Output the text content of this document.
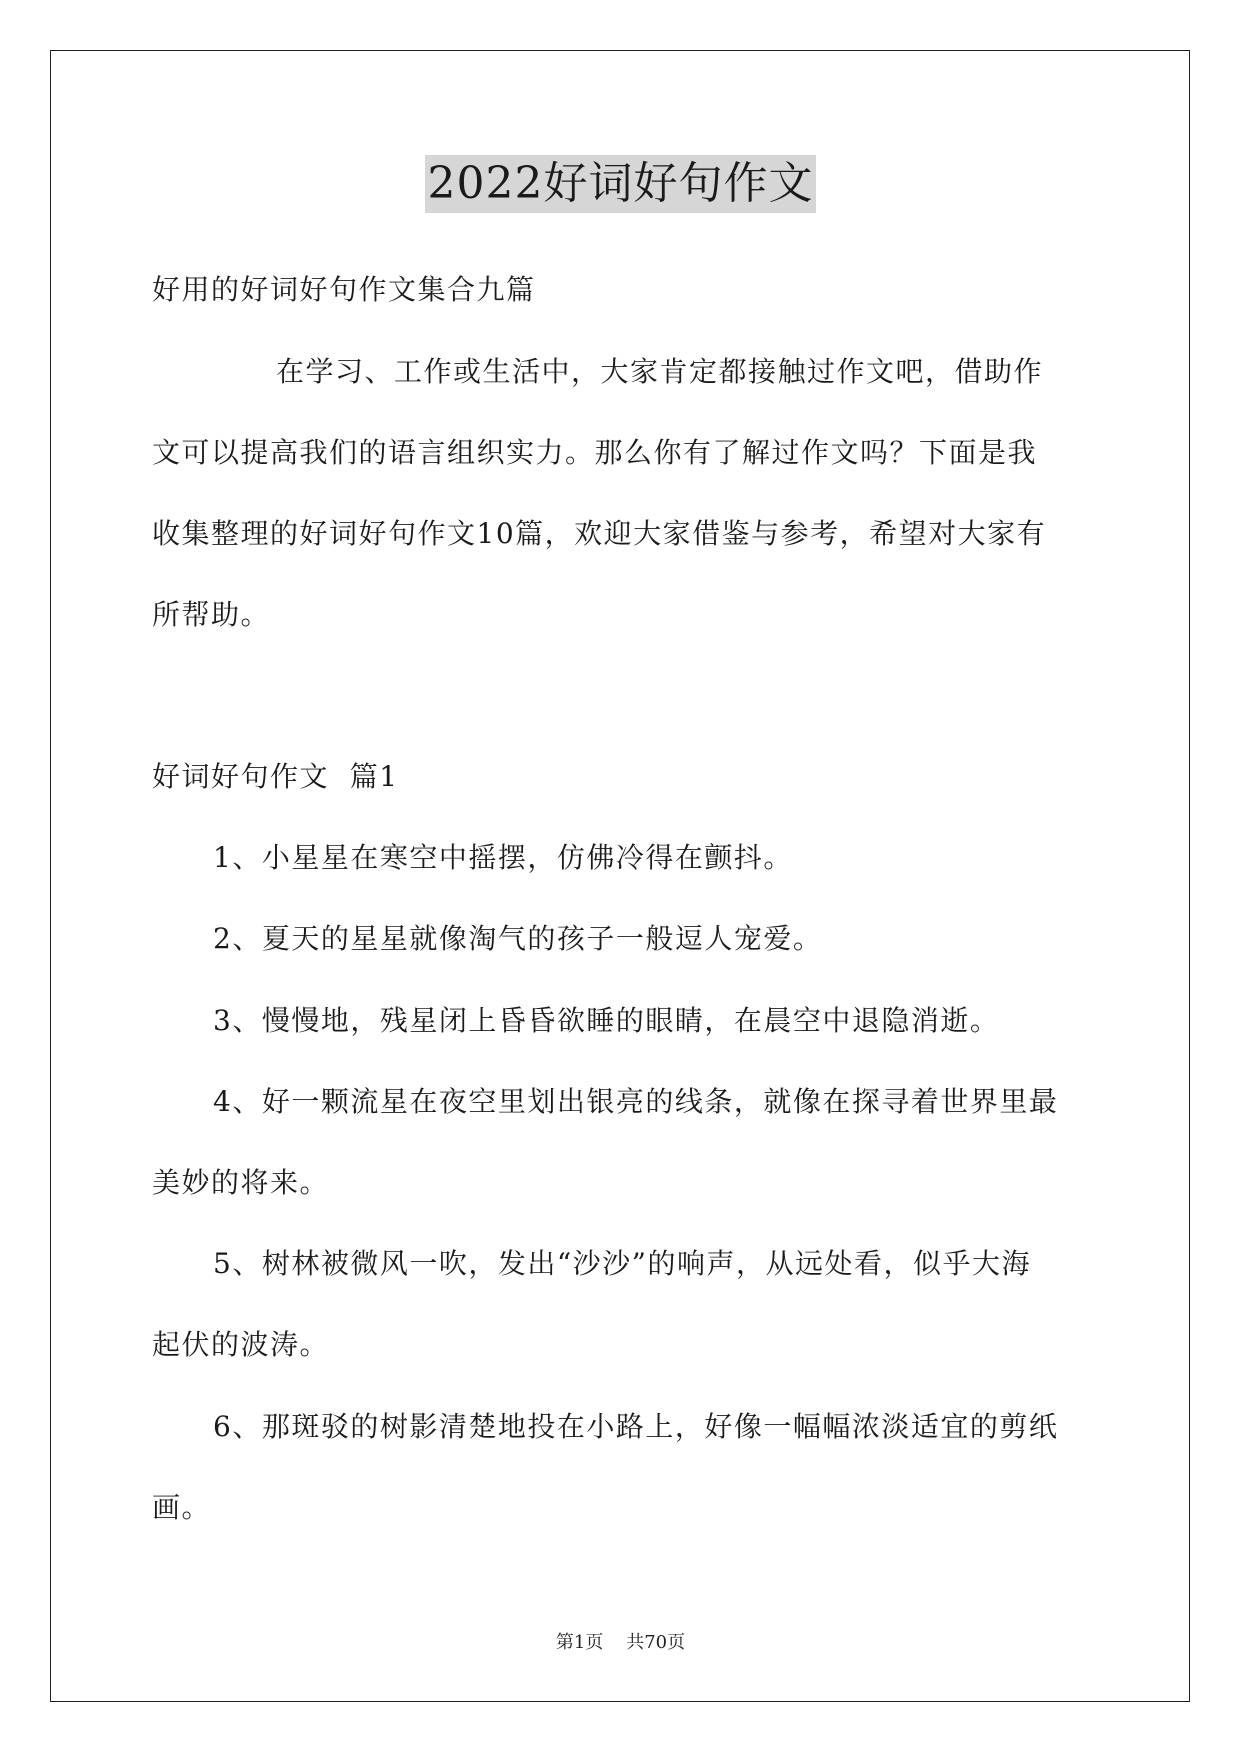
2022好词好句作文
好用的好词好句作文集合九篇
在学习、工作或生活中，大家肯定都接触过作文吧，借助作
文可以提高我们的语言组织实力。那么你有了解过作文吗？下面是我
收集整理的好词好句作文10篇，欢迎大家借鉴与参考，希望对大家有
所帮助。
好词好句作文  篇1
1、小星星在寒空中摇摆，仿佛冷得在颤抖。
2、夏天的星星就像淘气的孩子一般逗人宠爱。
3、慢慢地，残星闭上昏昏欲睡的眼睛，在晨空中退隐消逝。
4、好一颗流星在夜空里划出银亮的线条，就像在探寻着世界里最
美妙的将来。
5、树林被微风一吹，发出“沙沙”的响声，从远处看，似乎大海
起伏的波涛。
6、那斑驳的树影清楚地投在小路上，好像一幅幅浓淡适宜的剪纸
画。
第1页    共70页
